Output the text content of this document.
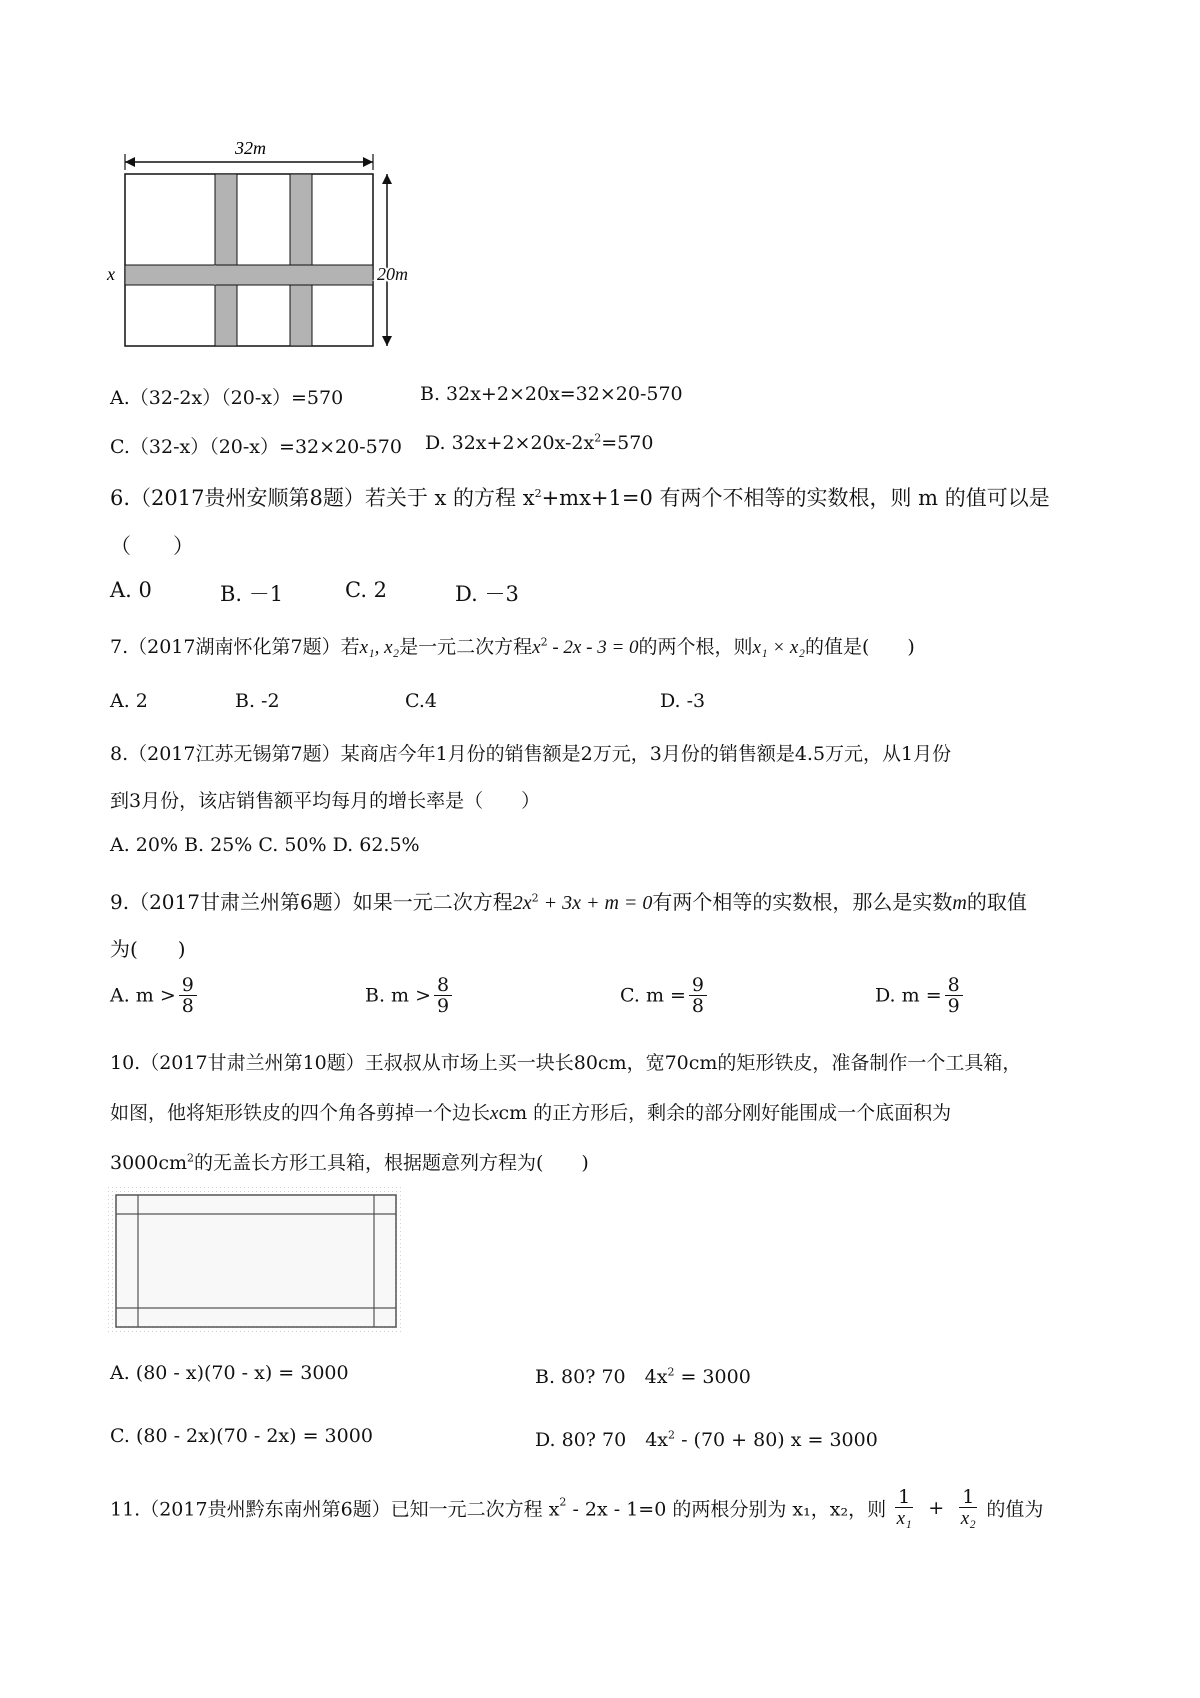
32m
20m
x
A.（32-2x）（20-x）=570	B. 32x+2×20x=32×20-570
C.（32-x）（20-x）=32×20-570 D. $32x+2\times 20x-2x^2=570$
6.（2017贵州安顺第8题）若关于 x 的方程 $x^2+mx+1=0$ 有两个不相等的实数根，则 m 的值可以是
（　　）
A. 0	B. －1	C. 2	D. －3
7.（2017湖南怀化第7题）若x₁, x₂是一元二次方程$x^2 - 2x - 3 = 0$的两个根，则x₁ × x₂的值是(　　)
A. 2	B. -2	C.4	D. -3
8.（2017江苏无锡第7题）某商店今年1月份的销售额是2万元，3月份的销售额是4.5万元，从1月份
到3月份，该店销售额平均每月的增长率是（　　）
A. 20% B. 25% C. 50% D. 62.5%
9.（2017甘肃兰州第6题）如果一元二次方程$2x^2 + 3x + m = 0$有两个相等的实数根，那么是实数m的取值
为(　　)
A. $m > \frac{9}{8}$	B. $m > \frac{8}{9}$	C. $m = \frac{9}{8}$	D. $m = \frac{8}{9}$
10.（2017甘肃兰州第10题）王叔叔从市场上买一块长80cm，宽70cm的矩形铁皮，准备制作一个工具箱，
如图，他将矩形铁皮的四个角各剪掉一个边长xcm 的正方形后，剩余的部分刚好能围成一个底面积为
$3000cm^2$的无盖长方形工具箱，根据题意列方程为(　　)
A. (80 - x)(70 - x) = 3000	B. 80? 70　$4x^2 = 3000$
C. (80 - 2x)(70 - 2x) = 3000	D. 80? 70　$4x^2 - (70 + 80) x = 3000$
11.（2017贵州黔东南州第6题）已知一元二次方程 $x^2 - 2x - 1=0$ 的两根分别为 x₁，x₂，则 $\frac{1}{\text{x₁}} + \frac{1}{\text{x₂}}$ 的值为
